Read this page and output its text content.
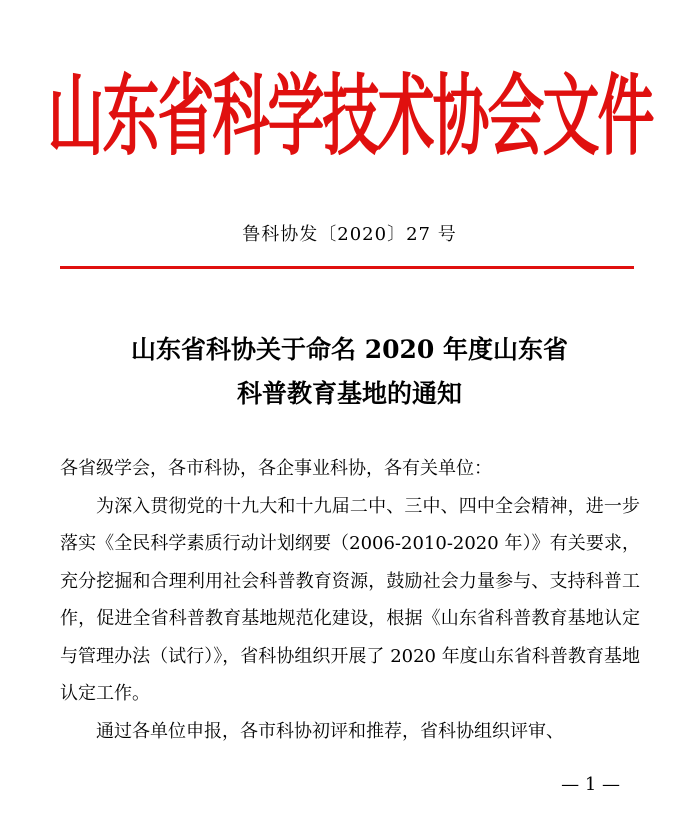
山东省科学技术协会文件
鲁科协发〔2020〕27 号
山东省科协关于命名 2020 年度山东省
科普教育基地的通知

各省级学会，各市科协，各企事业科协，各有关单位：

为深入贯彻党的十九大和十九届二中、三中、四中全会精神，进一步落实《全民科学素质行动计划纲要（2006-2010-2020 年）》有关要求，充分挖掘和合理利用社会科普教育资源，鼓励社会力量参与、支持科普工作，促进全省科普教育基地规范化建设，根据《山东省科普教育基地认定与管理办法（试行）》，省科协组织开展了 2020 年度山东省科普教育基地认定工作。

通过各单位申报，各市科协初评和推荐，省科协组织评审、

— 1 —
